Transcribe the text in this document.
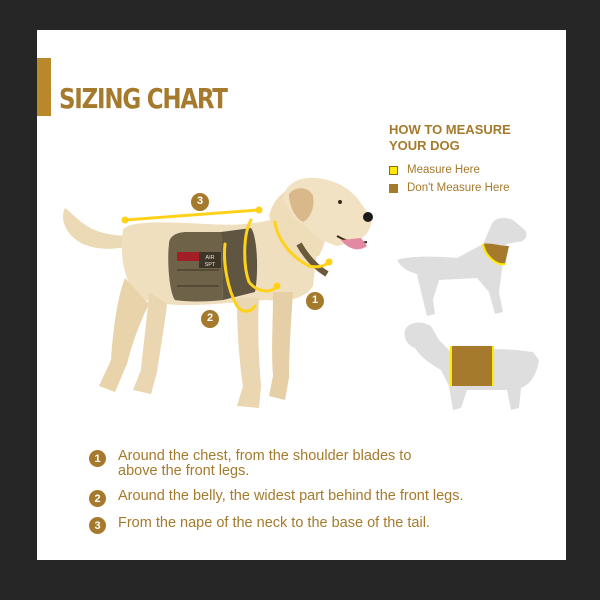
SIZING CHART
HOW TO MEASURE
YOUR DOG
Measure Here
Don't Measure Here
AIR
SPT
3
1
2
1	Around the chest, from the shoulder blades to
above the front legs.
2	Around the belly, the widest part behind the front legs.
3	From the nape of the neck to the base of the tail.
